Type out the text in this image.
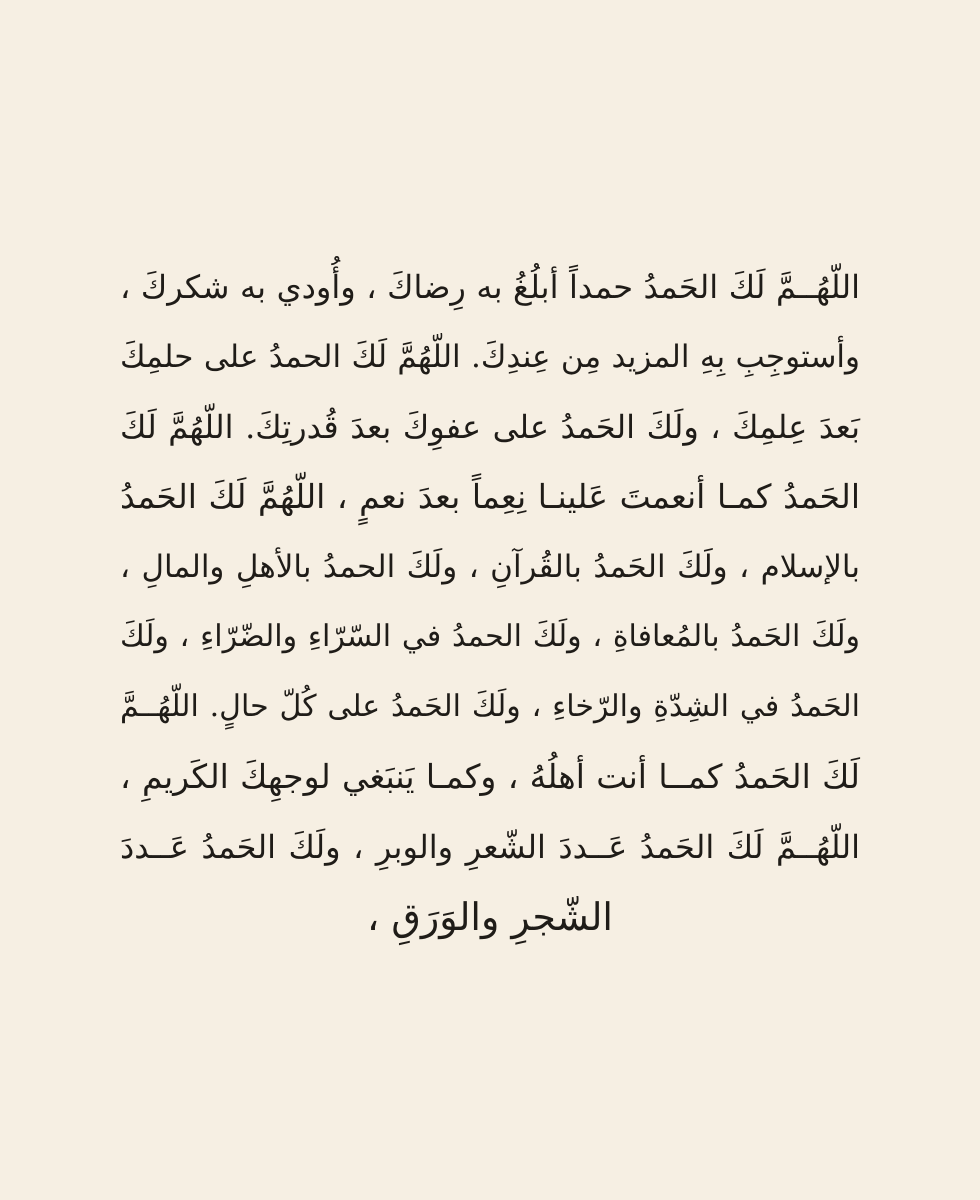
اللّهُــمَّ لَكَ الحَمدُ حمداً أبلُغُ به رِضاكَ ، وأُودي به شكركَ ،
وأستوجِبِ بِهِ المزيد مِن عِندِكَ. اللّهُمَّ لَكَ الحمدُ على حلمِكَ
بَعدَ عِلمِكَ ، ولَكَ الحَمدُ على عفوِكَ بعدَ قُدرتِكَ. اللّهُمَّ لَكَ
الحَمدُ كمـا أنعمتَ عَلينـا نِعِماً بعدَ نعمٍ ، اللّهُمَّ لَكَ الحَمدُ
بالإسلام ، ولَكَ الحَمدُ بالقُرآنِ ، ولَكَ الحمدُ بالأهلِ والمالِ ،
ولَكَ الحَمدُ بالمُعافاةِ ، ولَكَ الحمدُ في السّرّاءِ والضّرّاءِ ، ولَكَ
الحَمدُ في الشِدّةِ والرّخاءِ ، ولَكَ الحَمدُ على كُلّ حالٍ. اللّهُــمَّ
لَكَ الحَمدُ كمــا أنت أهلُهُ ، وكمـا يَنبَغي لوجهِكَ الكَريمِ ،
اللّهُــمَّ لَكَ الحَمدُ عَــددَ الشّعرِ والوبرِ ، ولَكَ الحَمدُ عَــددَ
الشّجرِ والوَرَقِ ،
